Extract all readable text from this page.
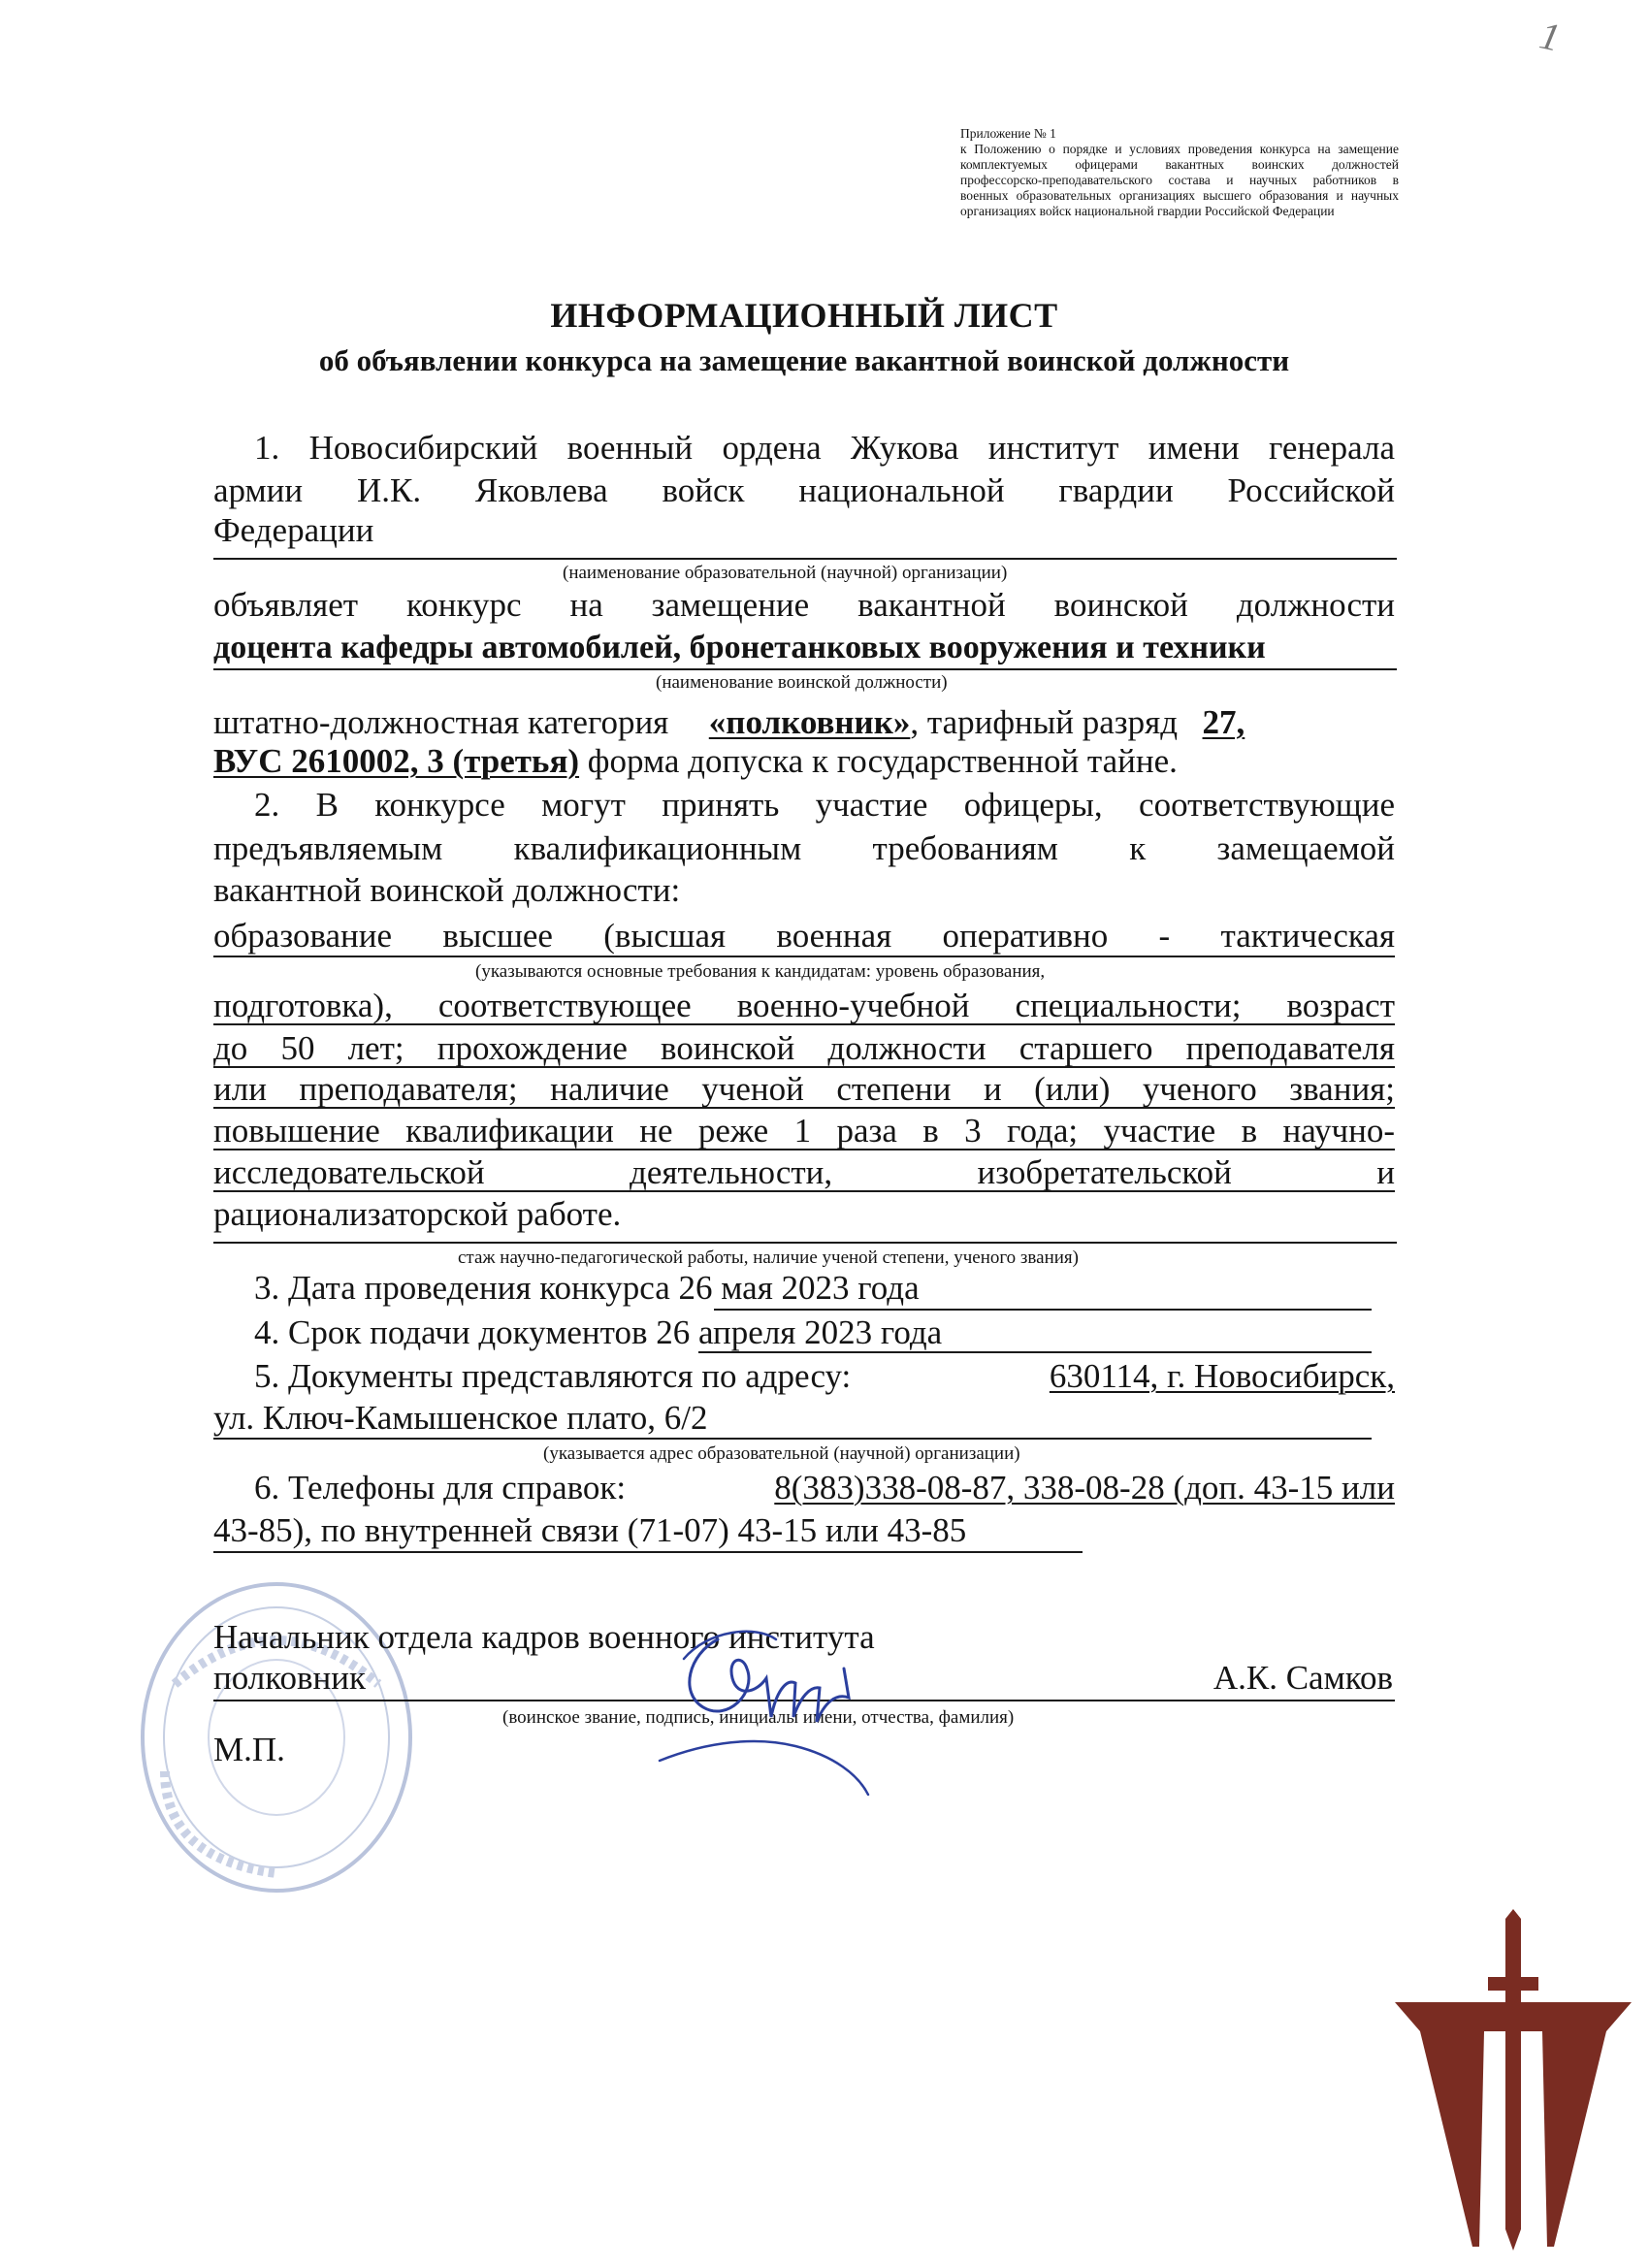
1
Приложение № 1
к Положению о порядке и условиях проведения конкурса на замещение
комплектуемых офицерами вакантных воинских должностей
профессорско-преподавательского состава и научных работников в
военных образовательных организациях высшего образования и научных
организациях войск национальной гвардии Российской Федерации
ИНФОРМАЦИОННЫЙ ЛИСТ
об объявлении конкурса на замещение вакантной воинской должности
1. Новосибирский военный ордена Жукова институт имени генерала
армии И.К. Яковлева войск национальной гвардии Российской
Федерации
(наименование образовательной (научной) организации)
объявляет конкурс на замещение вакантной воинской должности
доцента кафедры автомобилей, бронетанковых вооружения и техники
(наименование воинской должности)
штатно-должностная категория «полковник», тарифный разряд 27,
ВУС 2610002, 3 (третья) форма допуска к государственной тайне.
2. В конкурсе могут принять участие офицеры, соответствующие
предъявляемым квалификационным требованиям к замещаемой
вакантной воинской должности:
образование высшее (высшая военная оперативно - тактическая
(указываются основные требования к кандидатам: уровень образования,
подготовка), соответствующее военно-учебной специальности; возраст
до 50 лет; прохождение воинской должности старшего преподавателя
или преподавателя; наличие ученой степени и (или) ученого звания;
повышение квалификации не реже 1 раза в 3 года; участие в научно-
исследовательской деятельности, изобретательской и
рационализаторской работе.
стаж научно-педагогической работы, наличие ученой степени, ученого звания)
3. Дата проведения конкурса 26 мая 2023 года
4. Срок подачи документов 26 апреля 2023 года
5. Документы представляются по адресу:	630114, г. Новосибирск,
ул. Ключ-Камышенское плато, 6/2
(указывается адрес образовательной (научной) организации)
6. Телефоны для справок:	8(383)338-08-87, 338-08-28 (доп. 43-15 или
43-85), по внутренней связи (71-07) 43-15 или 43-85
Начальник отдела кадров военного института
полковник	А.К. Самков
(воинское звание, подпись, инициалы имени, отчества, фамилия)
М.П.
